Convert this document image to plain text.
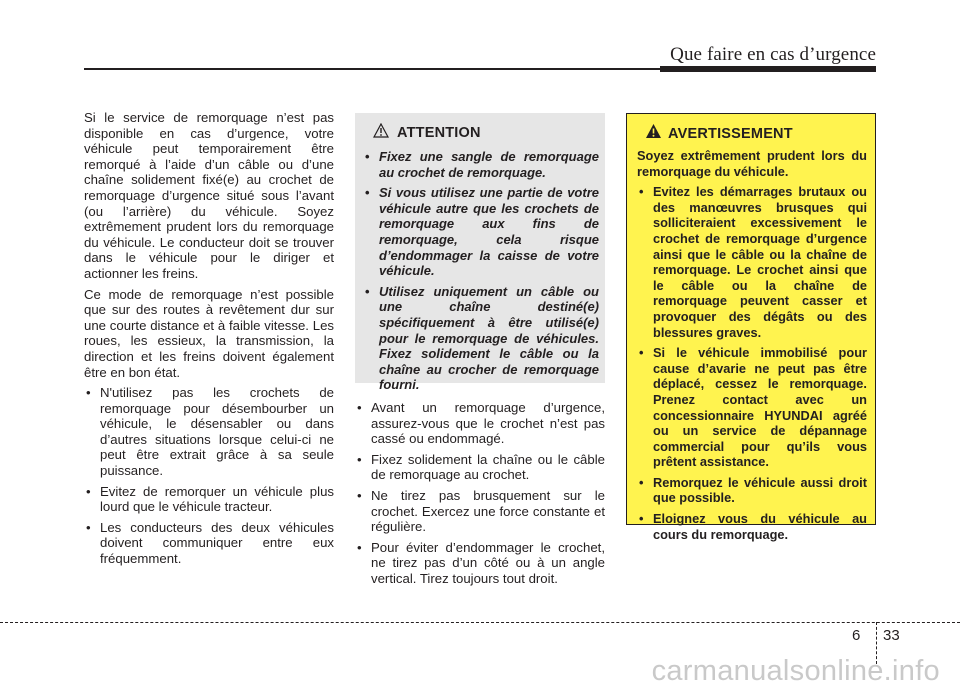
Que faire en cas d’urgence

Si le service de remorquage n’est pas disponible en cas d’urgence, votre véhicule peut temporairement être remorqué à l’aide d’un câble ou d’une chaîne solidement fixé(e) au crochet de remorquage d’urgence situé sous l’avant (ou l’arrière) du véhicule. Soyez extrêmement prudent lors du remorquage du véhicule. Le conducteur doit se trouver dans le véhicule pour le diriger et actionner les freins.

Ce mode de remorquage n’est possible que sur des routes à revêtement dur sur une courte distance et à faible vitesse. Les roues, les essieux, la transmission, la direction et les freins doivent également être en bon état.

• N'utilisez pas les crochets de remorquage pour désembourber un véhicule, le désensabler ou dans d’autres situations lorsque celui-ci ne peut être extrait grâce à sa seule puissance.
• Evitez de remorquer un véhicule plus lourd que le véhicule tracteur.
• Les conducteurs des deux véhicules doivent communiquer entre eux fréquemment.
ATTENTION
• Fixez une sangle de remorquage au crochet de remorquage.
• Si vous utilisez une partie de votre véhicule autre que les crochets de remorquage aux fins de remorquage, cela risque d’endommager la caisse de votre véhicule.
• Utilisez uniquement un câble ou une chaîne destiné(e) spécifiquement à être utilisé(e) pour le remorquage de véhicules. Fixez solidement le câble ou la chaîne au crocher de remorquage fourni.
• Avant un remorquage d’urgence, assurez-vous que le crochet n’est pas cassé ou endommagé.
• Fixez solidement la chaîne ou le câble de remorquage au crochet.
• Ne tirez pas brusquement sur le crochet. Exercez une force constante et régulière.
• Pour éviter d’endommager le crochet, ne tirez pas d’un côté ou à un angle vertical. Tirez toujours tout droit.
AVERTISSEMENT

Soyez extrêmement prudent lors du remorquage du véhicule.

• Evitez les démarrages brutaux ou des manœuvres brusques qui solliciteraient excessivement le crochet de remorquage d’urgence ainsi que le câble ou la chaîne de remorquage. Le crochet ainsi que le câble ou la chaîne de remorquage peuvent casser et provoquer des dégâts ou des blessures graves.
• Si le véhicule immobilisé pour cause d’avarie ne peut pas être déplacé, cessez le remorquage. Prenez contact avec un concessionnaire HYUNDAI agréé ou un service de dépannage commercial pour qu’ils vous prêtent assistance.
• Remorquez le véhicule aussi droit que possible.
• Eloignez vous du véhicule au cours du remorquage.
6 33
carmanualsonline.info
